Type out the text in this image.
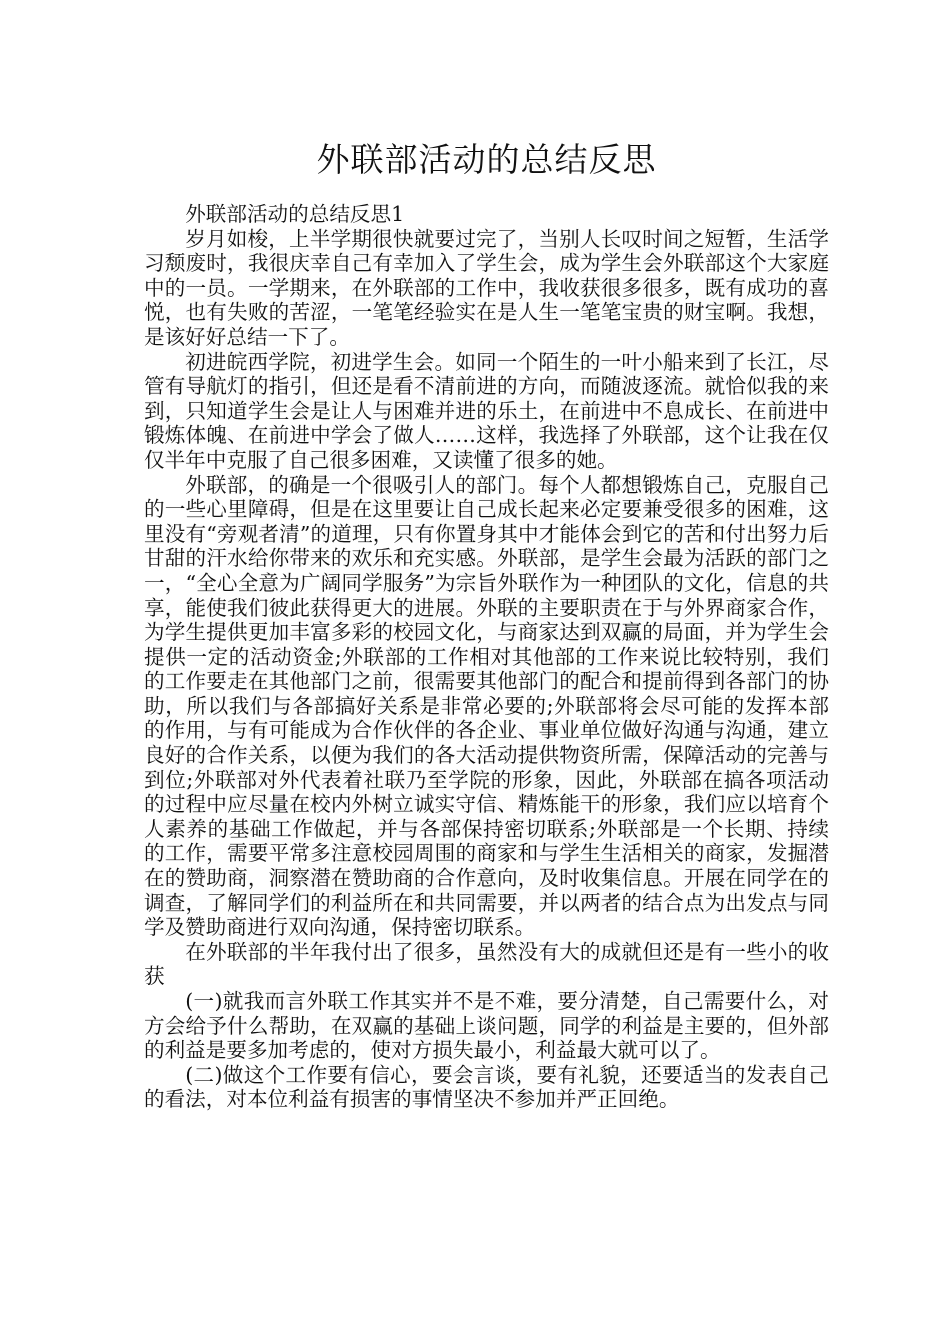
外联部活动的总结反思

外联部活动的总结反思1

岁月如梭，上半学期很快就要过完了，当别人长叹时间之短暂，生活学习颓废时，我很庆幸自己有幸加入了学生会，成为学生会外联部这个大家庭中的一员。一学期来，在外联部的工作中，我收获很多很多，既有成功的喜悦，也有失败的苦涩，一笔笔经验实在是人生一笔笔宝贵的财宝啊。我想，是该好好总结一下了。

初进皖西学院，初进学生会。如同一个陌生的一叶小船来到了长江，尽管有导航灯的指引，但还是看不清前进的方向，而随波逐流。就恰似我的来到，只知道学生会是让人与困难并进的乐土，在前进中不息成长、在前进中锻炼体魄、在前进中学会了做人……这样，我选择了外联部，这个让我在仅仅半年中克服了自己很多困难，又读懂了很多的她。

外联部，的确是一个很吸引人的部门。每个人都想锻炼自己，克服自己的一些心里障碍，但是在这里要让自己成长起来必定要兼受很多的困难，这里没有“旁观者清”的道理，只有你置身其中才能体会到它的苦和付出努力后甘甜的汗水给你带来的欢乐和充实感。外联部，是学生会最为活跃的部门之一，“全心全意为广阔同学服务”为宗旨外联作为一种团队的文化，信息的共享，能使我们彼此获得更大的进展。外联的主要职责在于与外界商家合作，为学生提供更加丰富多彩的校园文化，与商家达到双赢的局面，并为学生会提供一定的活动资金;外联部的工作相对其他部的工作来说比较特别，我们的工作要走在其他部门之前，很需要其他部门的配合和提前得到各部门的协助，所以我们与各部搞好关系是非常必要的;外联部将会尽可能的发挥本部的作用，与有可能成为合作伙伴的各企业、事业单位做好沟通与沟通，建立良好的合作关系，以便为我们的各大活动提供物资所需，保障活动的完善与到位;外联部对外代表着社联乃至学院的形象，因此，外联部在搞各项活动的过程中应尽量在校内外树立诚实守信、精炼能干的形象，我们应以培育个人素养的基础工作做起，并与各部保持密切联系;外联部是一个长期、持续的工作，需要平常多注意校园周围的商家和与学生生活相关的商家，发掘潜在的赞助商，洞察潜在赞助商的合作意向，及时收集信息。开展在同学在的调查，了解同学们的利益所在和共同需要，并以两者的结合点为出发点与同学及赞助商进行双向沟通，保持密切联系。

在外联部的半年我付出了很多，虽然没有大的成就但还是有一些小的收获

(一)就我而言外联工作其实并不是不难，要分清楚，自己需要什么，对方会给予什么帮助，在双赢的基础上谈问题，同学的利益是主要的，但外部的利益是要多加考虑的，使对方损失最小，利益最大就可以了。

(二)做这个工作要有信心，要会言谈，要有礼貌，还要适当的发表自己的看法，对本位利益有损害的事情坚决不参加并严正回绝。
